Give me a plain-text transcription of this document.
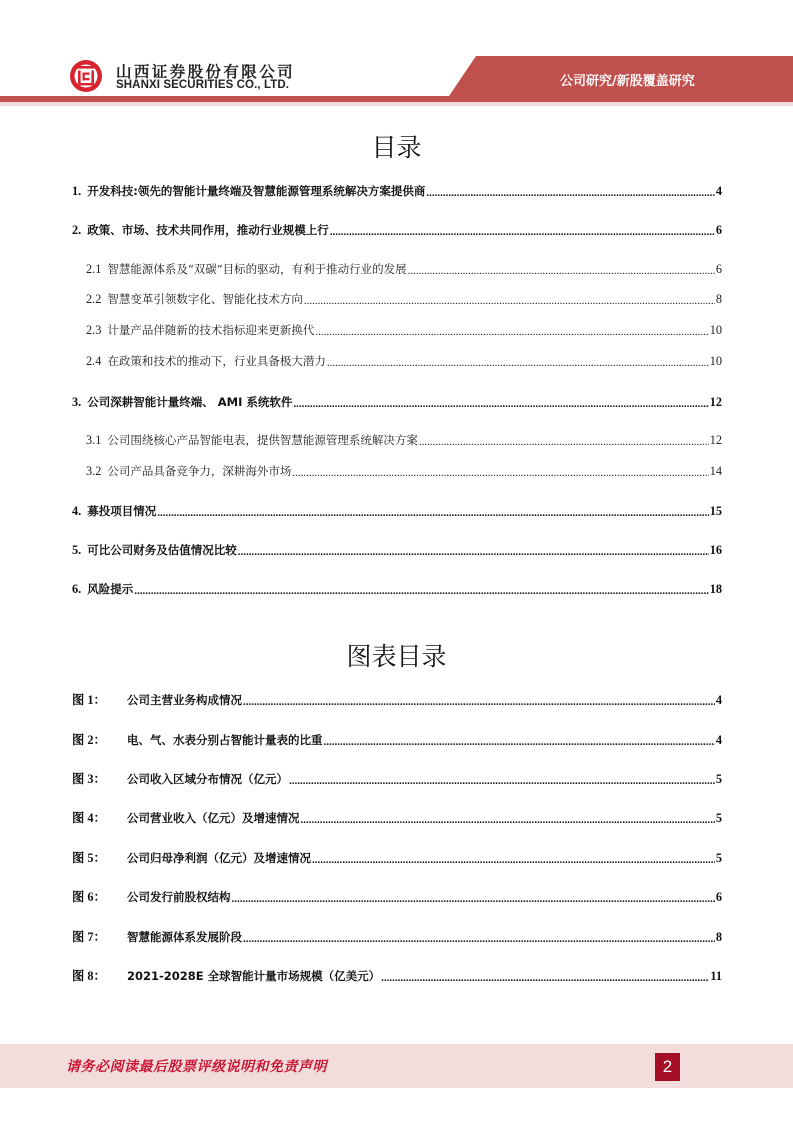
山西证券股份有限公司
SHANXI SECURITIES CO., LTD.	公司研究/新股覆盖研究
目录
1. 开发科技:领先的智能计量终端及智慧能源管理系统解决方案提供商 .....	4
2. 政策、市场、技术共同作用，推动行业规模上行 .....	6
2.1 智慧能源体系及“双碳”目标的驱动，有利于推动行业的发展 .....	6
2.2 智慧变革引领数字化、智能化技术方向 .....	8
2.3 计量产品伴随新的技术指标迎来更新换代 .....	10
2.4 在政策和技术的推动下，行业具备极大潜力 .....	10
3. 公司深耕智能计量终端、 AMI 系统软件 .....	12
3.1 公司围绕核心产品智能电表，提供智慧能源管理系统解决方案 .....	12
3.2 公司产品具备竞争力，深耕海外市场 .....	14
4. 募投项目情况 .....	15
5. 可比公司财务及估值情况比较 .....	16
6. 风险提示 .....	18
图表目录
图 1：	公司主营业务构成情况 .....	4
图 2：	电、气、水表分别占智能计量表的比重 .....	4
图 3：	公司收入区域分布情况（亿元） .....	5
图 4：	公司营业收入（亿元）及增速情况 .....	5
图 5：	公司归母净利润（亿元）及增速情况 .....	5
图 6：	公司发行前股权结构 .....	6
图 7：	智慧能源体系发展阶段 .....	8
图 8：	2021-2028E 全球智能计量市场规模（亿美元） .....	11
请务必阅读最后股票评级说明和免责声明	2
